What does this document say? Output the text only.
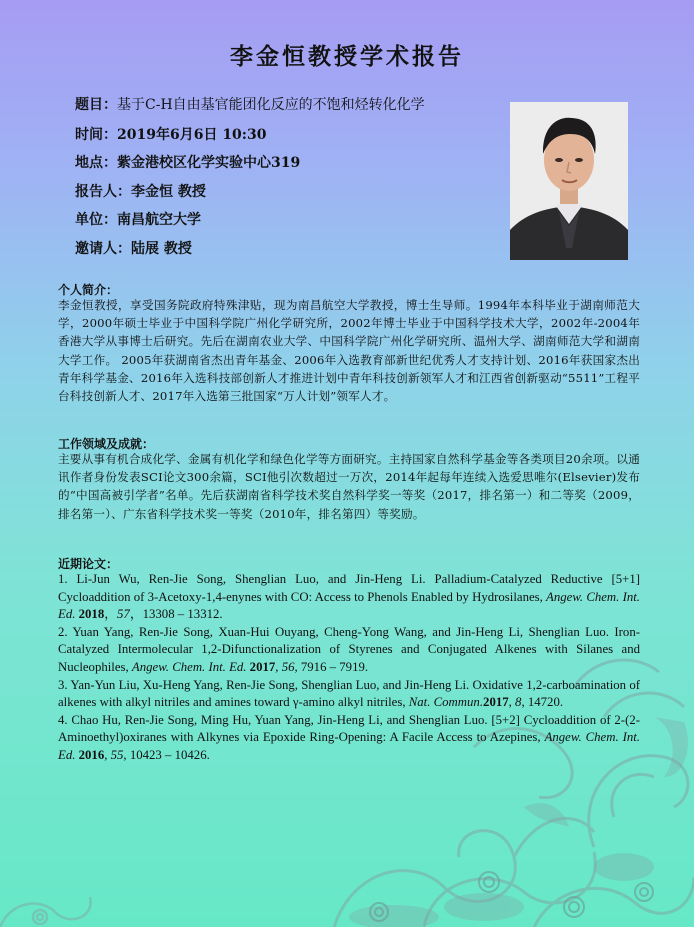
李金恒教授学术报告
题目：基于C-H自由基官能团化反应的不饱和烃转化化学
时间：2019年6月6日 10:30
地点：紫金港校区化学实验中心319
报告人：李金恒 教授
单位：南昌航空大学
邀请人：陆展 教授
个人简介：
李金恒教授，享受国务院政府特殊津贴，现为南昌航空大学教授，博士生导师。1994年本科毕业于湖南师范大学，2000年硕士毕业于中国科学院广州化学研究所，2002年博士毕业于中国科学技术大学，2002年-2004年香港大学从事博士后研究。先后在湖南农业大学、中国科学院广州化学研究所、温州大学、湖南师范大学和湖南大学工作。 2005年获湖南省杰出青年基金、2006年入选教育部新世纪优秀人才支持计划、2016年获国家杰出青年科学基金、2016年入选科技部创新人才推进计划中青年科技创新领军人才和江西省创新驱动“5511”工程平台科技创新人才、2017年入选第三批国家“万人计划”领军人才。
工作领域及成就：
主要从事有机合成化学、金属有机化学和绿色化学等方面研究。主持国家自然科学基金等各类项目20余项。以通讯作者身份发表SCI论文300余篇，SCI他引次数超过一万次，2014年起每年连续入选爱思唯尔(Elsevier)发布的“中国高被引学者”名单。先后获湖南省科学技术奖自然科学奖一等奖（2017，排名第一）和二等奖（2009，排名第一）、广东省科学技术奖一等奖（2010年，排名第四）等奖励。
近期论文：

1. Li-Jun Wu, Ren-Jie Song, Shenglian Luo, and Jin-Heng Li. Palladium-Catalyzed Reductive [5+1] Cycloaddition of 3-Acetoxy-1,4-enynes with CO: Access to Phenols Enabled by Hydrosilanes, Angew. Chem. Int. Ed. 2018，57，13308 – 13312.

2. Yuan Yang, Ren-Jie Song, Xuan-Hui Ouyang, Cheng-Yong Wang, and Jin-Heng Li, Shenglian Luo. Iron-Catalyzed Intermolecular 1,2-Difunctionalization of Styrenes and Conjugated Alkenes with Silanes and Nucleophiles, Angew. Chem. Int. Ed. 2017, 56, 7916 – 7919.

3. Yan-Yun Liu, Xu-Heng Yang, Ren-Jie Song, Shenglian Luo, and Jin-Heng Li. Oxidative 1,2-carboamination of alkenes with alkyl nitriles and amines toward γ-amino alkyl nitriles, Nat. Commun.2017, 8, 14720.

4. Chao Hu, Ren-Jie Song, Ming Hu, Yuan Yang, Jin-Heng Li, and Shenglian Luo. [5+2] Cycloaddition of 2-(2-Aminoethyl)oxiranes with Alkynes via Epoxide Ring-Opening: A Facile Access to Azepines, Angew. Chem. Int. Ed. 2016, 55, 10423 – 10426.
